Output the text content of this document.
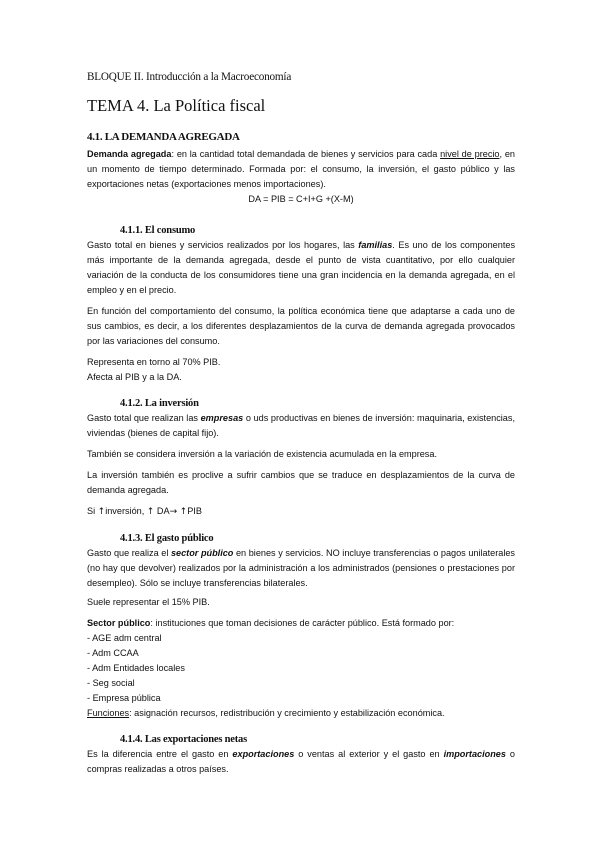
BLOQUE II. Introducción a la Macroeconomía
TEMA 4. La Política fiscal
4.1. LA DEMANDA AGREGADA

Demanda agregada: en la cantidad total demandada de bienes y servicios para cada nivel de precio, en un momento de tiempo determinado. Formada por: el consumo, la inversión, el gasto público y las exportaciones netas (exportaciones menos importaciones).

DA = PIB = C+I+G +(X-M)

4.1.1. El consumo

Gasto total en bienes y servicios realizados por los hogares, las familias. Es uno de los componentes más importante de la demanda agregada, desde el punto de vista cuantitativo, por ello cualquier variación de la conducta de los consumidores tiene una gran incidencia en la demanda agregada, en el empleo y en el precio.

En función del comportamiento del consumo, la política económica tiene que adaptarse a cada uno de sus cambios, es decir, a los diferentes desplazamientos de la curva de demanda agregada provocados por las variaciones del consumo.

Representa en torno al 70% PIB.

Afecta al PIB y a la DA.

4.1.2. La inversión

Gasto total que realizan las empresas o uds productivas en bienes de inversión: maquinaria, existencias, viviendas (bienes de capital fijo).

También se considera inversión a la variación de existencia acumulada en la empresa.

La inversión también es proclive a sufrir cambios que se traduce en desplazamientos de la curva de demanda agregada.

Si ↑inversión, ↑ DA→ ↑PIB

4.1.3. El gasto público

Gasto que realiza el sector público en bienes y servicios. NO incluye transferencias o pagos unilaterales (no hay que devolver) realizados por la administración a los administrados (pensiones o prestaciones por desempleo). Sólo se incluye transferencias bilaterales.

Suele representar el 15% PIB.

Sector público: instituciones que toman decisiones de carácter público. Está formado por:

- AGE adm central

- Adm CCAA

- Adm Entidades locales

- Seg social

- Empresa pública

Funciones: asignación recursos, redistribución y crecimiento y estabilización económica.

4.1.4. Las exportaciones netas

Es la diferencia entre el gasto en exportaciones o ventas al exterior y el gasto en importaciones o compras realizadas a otros países.
